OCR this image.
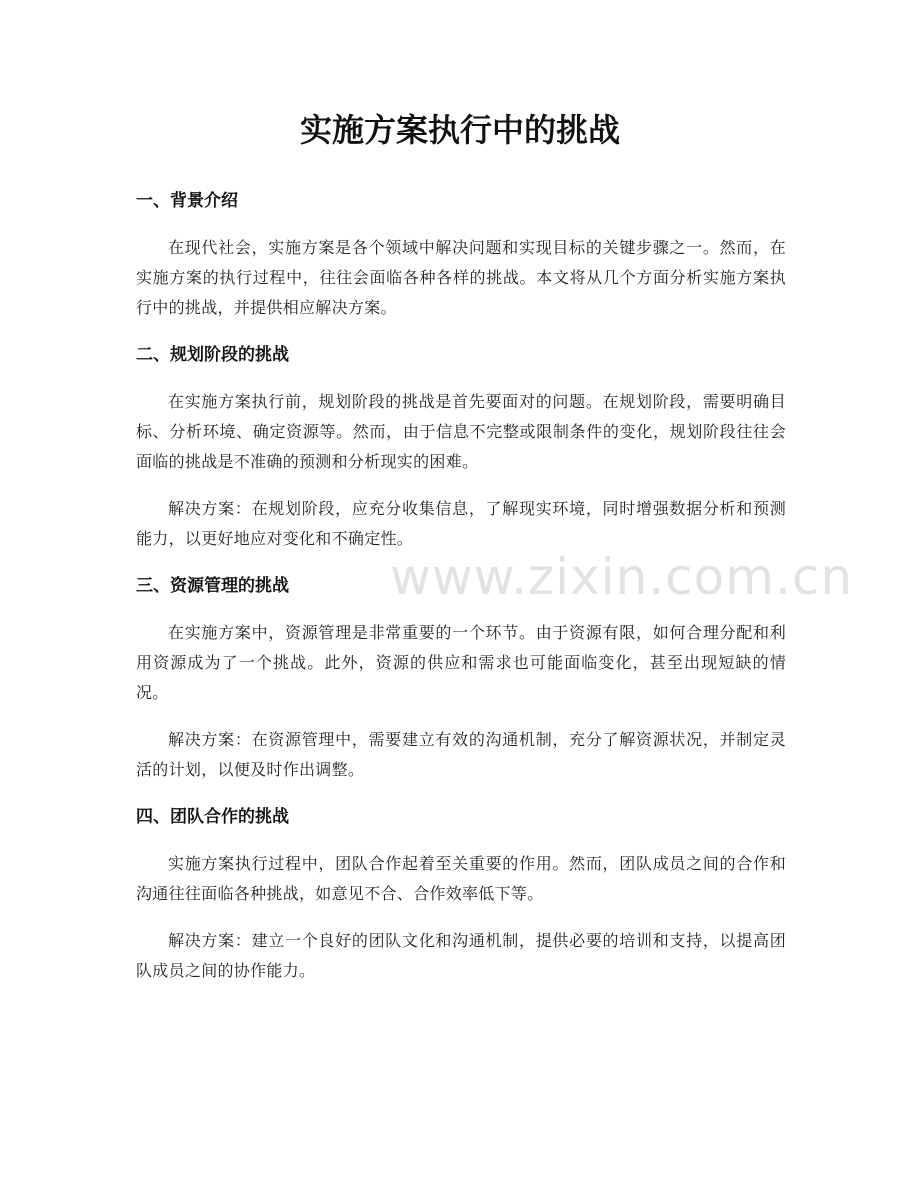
实施方案执行中的挑战
一、背景介绍

在现代社会，实施方案是各个领域中解决问题和实现目标的关键步骤之一。然而，在实施方案的执行过程中，往往会面临各种各样的挑战。本文将从几个方面分析实施方案执行中的挑战，并提供相应解决方案。

二、规划阶段的挑战

在实施方案执行前，规划阶段的挑战是首先要面对的问题。在规划阶段，需要明确目标、分析环境、确定资源等。然而，由于信息不完整或限制条件的变化，规划阶段往往会面临的挑战是不准确的预测和分析现实的困难。

解决方案：在规划阶段，应充分收集信息，了解现实环境，同时增强数据分析和预测能力，以更好地应对变化和不确定性。

三、资源管理的挑战

在实施方案中，资源管理是非常重要的一个环节。由于资源有限，如何合理分配和利用资源成为了一个挑战。此外，资源的供应和需求也可能面临变化，甚至出现短缺的情况。

解决方案：在资源管理中，需要建立有效的沟通机制，充分了解资源状况，并制定灵活的计划，以便及时作出调整。

四、团队合作的挑战

实施方案执行过程中，团队合作起着至关重要的作用。然而，团队成员之间的合作和沟通往往面临各种挑战，如意见不合、合作效率低下等。

解决方案：建立一个良好的团队文化和沟通机制，提供必要的培训和支持，以提高团队成员之间的协作能力。

www.zixin.com.cn
